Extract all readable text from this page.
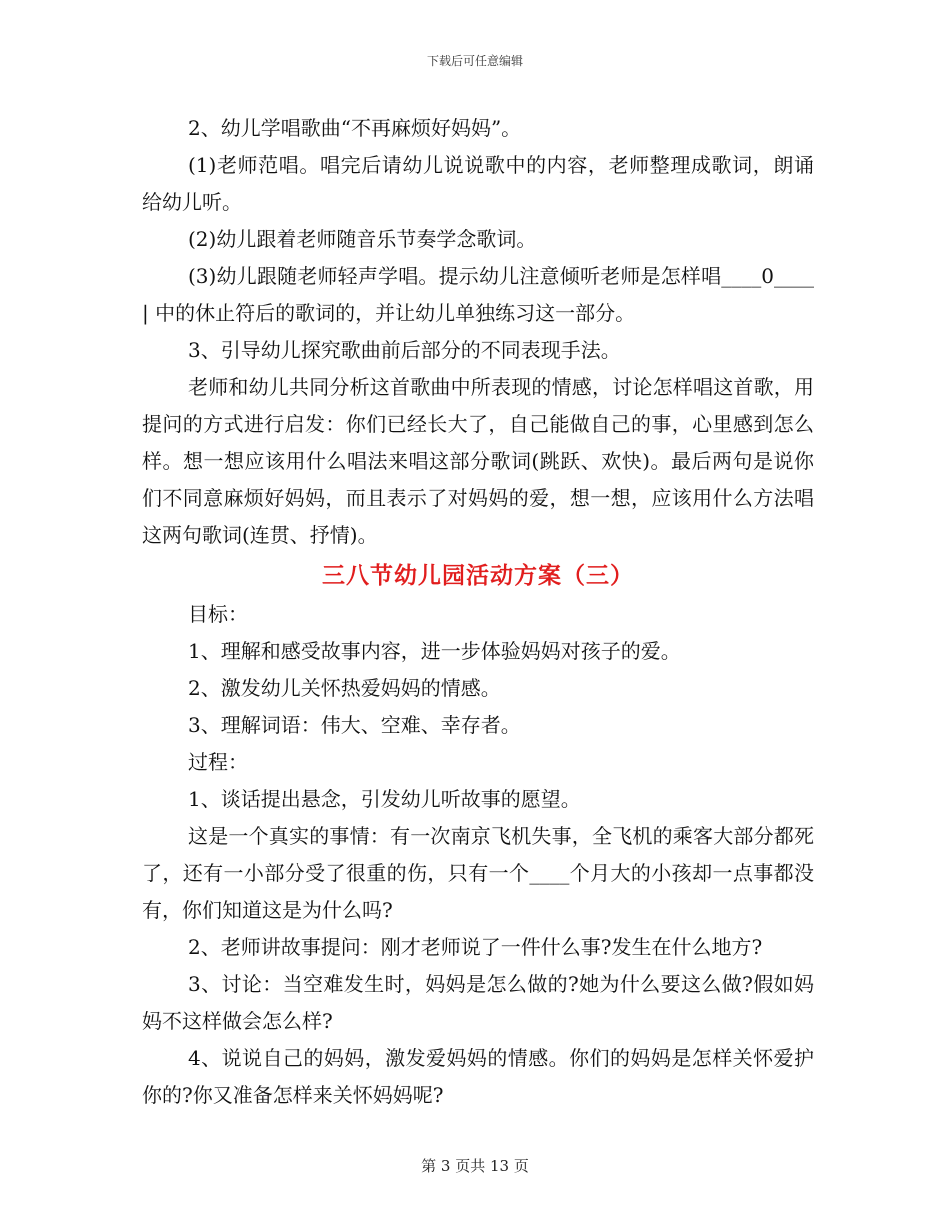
下载后可任意编辑

2、幼儿学唱歌曲“不再麻烦好妈妈”。

(1)老师范唱。唱完后请幼儿说说歌中的内容，老师整理成歌词，朗诵给幼儿听。

(2)幼儿跟着老师随音乐节奏学念歌词。

(3)幼儿跟随老师轻声学唱。提示幼儿注意倾听老师是怎样唱____0____| 中的休止符后的歌词的，并让幼儿单独练习这一部分。

3、引导幼儿探究歌曲前后部分的不同表现手法。

老师和幼儿共同分析这首歌曲中所表现的情感，讨论怎样唱这首歌，用提问的方式进行启发：你们已经长大了，自己能做自己的事，心里感到怎么样。想一想应该用什么唱法来唱这部分歌词(跳跃、欢快)。最后两句是说你们不同意麻烦好妈妈，而且表示了对妈妈的爱，想一想，应该用什么方法唱这两句歌词(连贯、抒情)。

三八节幼儿园活动方案（三）

目标：

1、理解和感受故事内容，进一步体验妈妈对孩子的爱。

2、激发幼儿关怀热爱妈妈的情感。

3、理解词语：伟大、空难、幸存者。

过程：

1、谈话提出悬念，引发幼儿听故事的愿望。

这是一个真实的事情：有一次南京飞机失事，全飞机的乘客大部分都死了，还有一小部分受了很重的伤，只有一个____个月大的小孩却一点事都没有，你们知道这是为什么吗?

2、老师讲故事提问：刚才老师说了一件什么事?发生在什么地方?

3、讨论：当空难发生时，妈妈是怎么做的?她为什么要这么做?假如妈妈不这样做会怎么样?

4、说说自己的妈妈，激发爱妈妈的情感。你们的妈妈是怎样关怀爱护你的?你又准备怎样来关怀妈妈呢?

第 3 页共 13 页
